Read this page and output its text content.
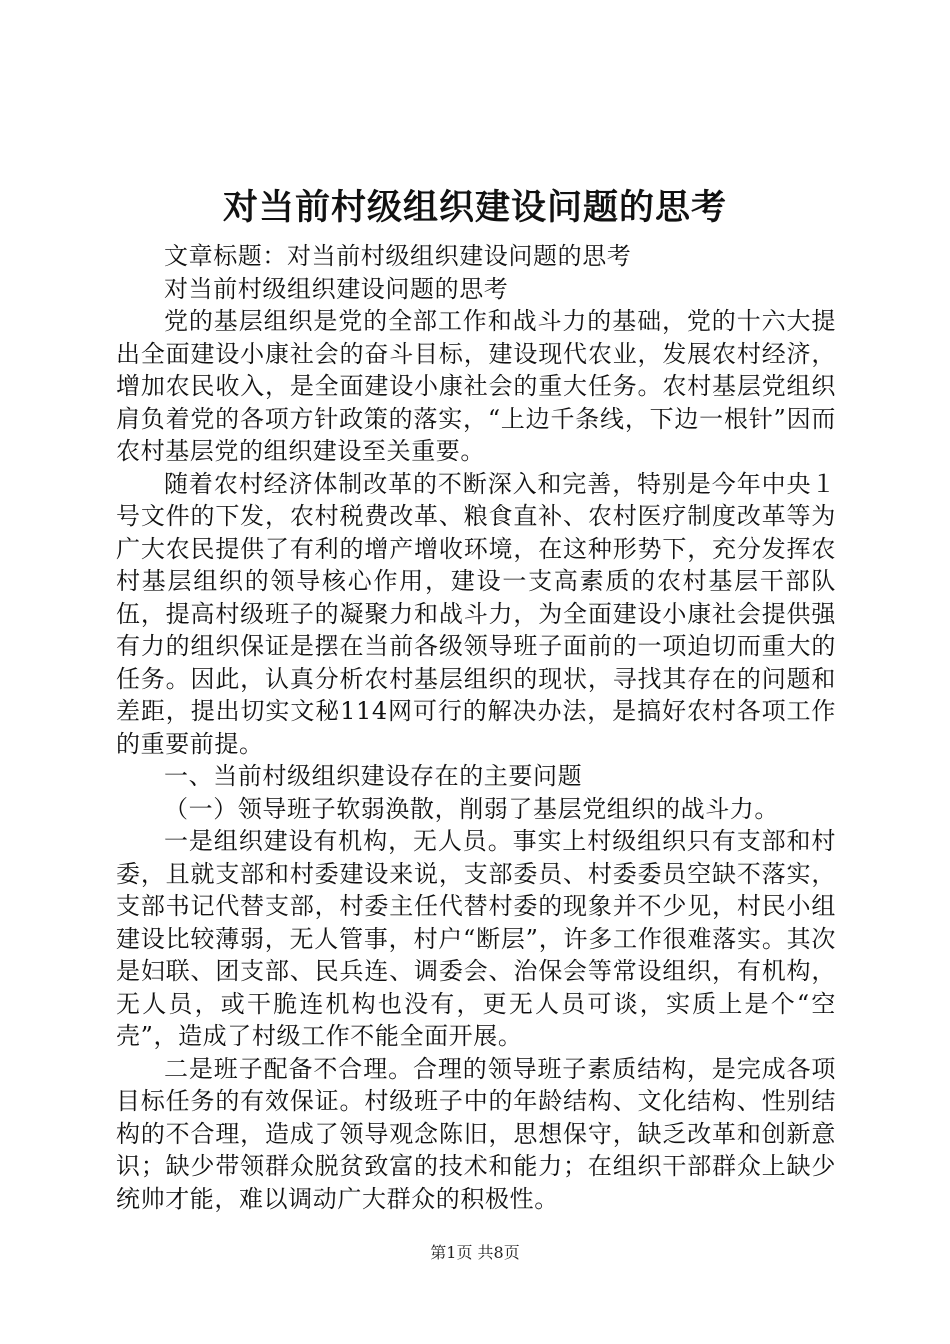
对当前村级组织建设问题的思考

文章标题：对当前村级组织建设问题的思考

对当前村级组织建设问题的思考

党的基层组织是党的全部工作和战斗力的基础，党的十六大提出全面建设小康社会的奋斗目标，建设现代农业，发展农村经济，增加农民收入，是全面建设小康社会的重大任务。农村基层党组织肩负着党的各项方针政策的落实，“上边千条线，下边一根针”因而农村基层党的组织建设至关重要。

随着农村经济体制改革的不断深入和完善，特别是今年中央１号文件的下发，农村税费改革、粮食直补、农村医疗制度改革等为广大农民提供了有利的增产增收环境，在这种形势下，充分发挥农村基层组织的领导核心作用，建设一支高素质的农村基层干部队伍，提高村级班子的凝聚力和战斗力，为全面建设小康社会提供强有力的组织保证是摆在当前各级领导班子面前的一项迫切而重大的任务。因此，认真分析农村基层组织的现状，寻找其存在的问题和差距，提出切实文秘114网可行的解决办法，是搞好农村各项工作的重要前提。

一、当前村级组织建设存在的主要问题

（一）领导班子软弱涣散，削弱了基层党组织的战斗力。

一是组织建设有机构，无人员。事实上村级组织只有支部和村委，且就支部和村委建设来说，支部委员、村委委员空缺不落实，支部书记代替支部，村委主任代替村委的现象并不少见，村民小组建设比较薄弱，无人管事，村户“断层”，许多工作很难落实。其次是妇联、团支部、民兵连、调委会、治保会等常设组织，有机构，无人员，或干脆连机构也没有，更无人员可谈，实质上是个“空壳”，造成了村级工作不能全面开展。

二是班子配备不合理。合理的领导班子素质结构，是完成各项目标任务的有效保证。村级班子中的年龄结构、文化结构、性别结构的不合理，造成了领导观念陈旧，思想保守，缺乏改革和创新意识；缺少带领群众脱贫致富的技术和能力；在组织干部群众上缺少统帅才能，难以调动广大群众的积极性。

第1页 共8页
